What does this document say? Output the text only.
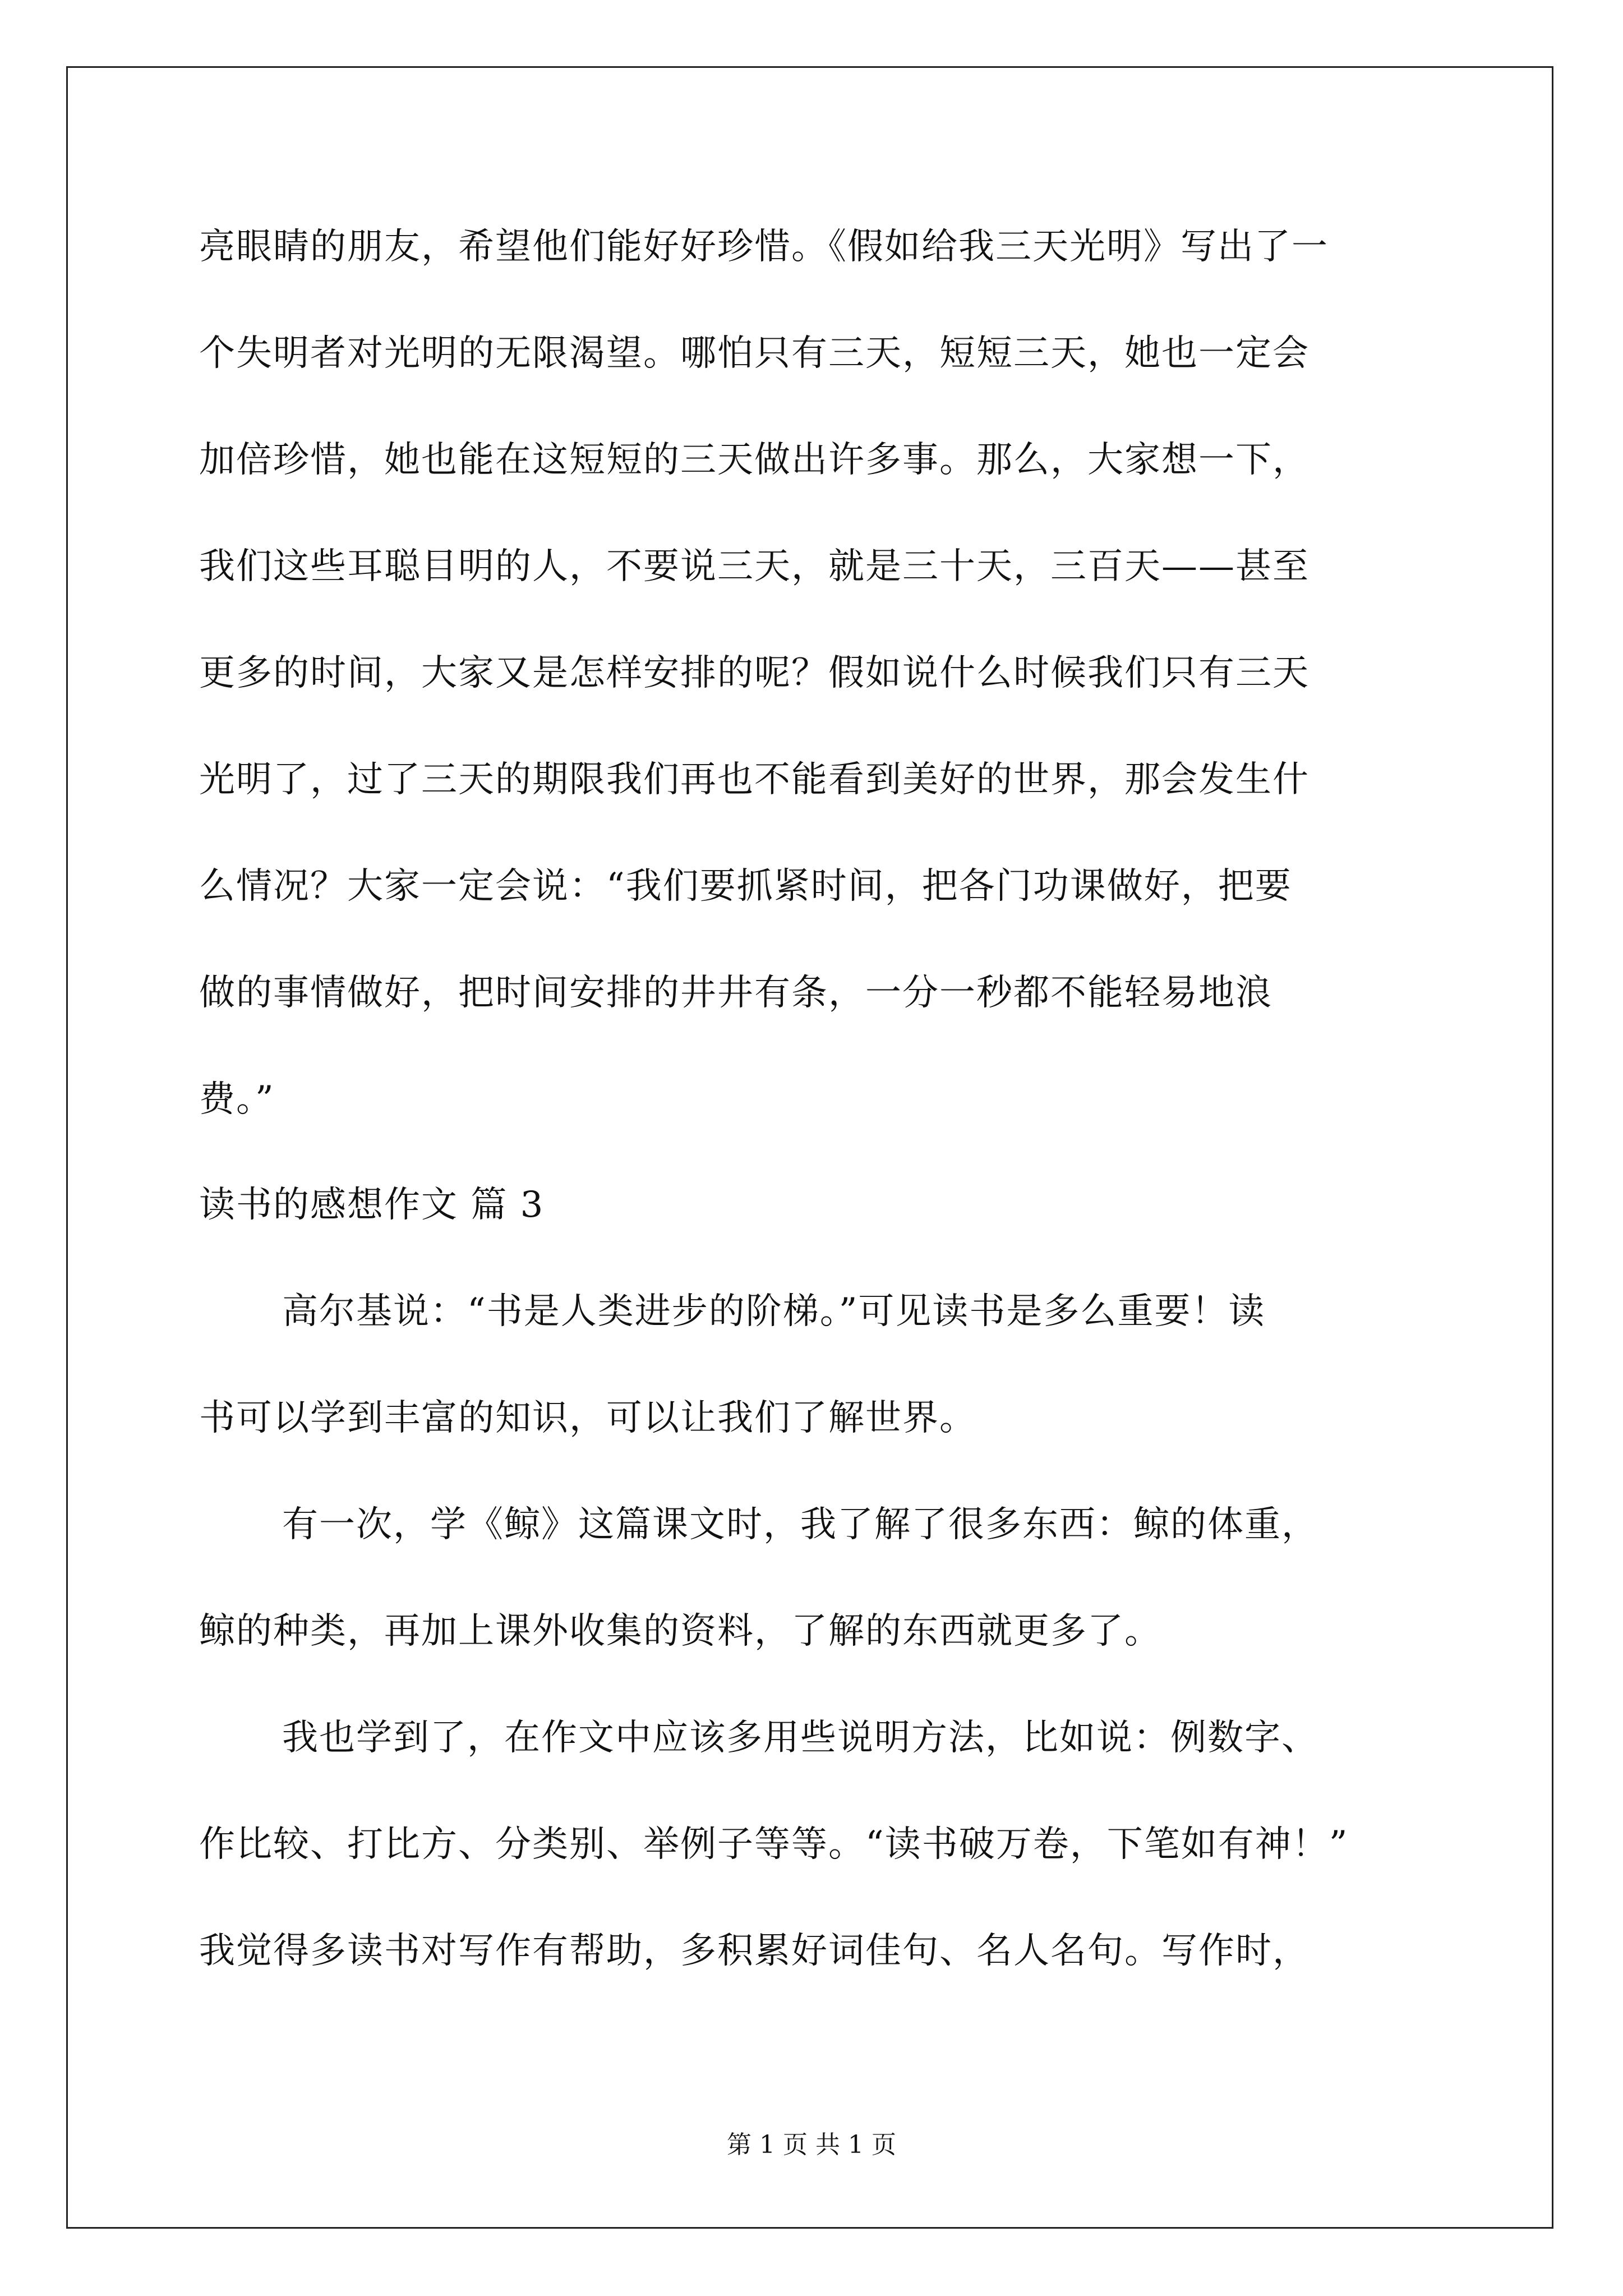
亮眼睛的朋友，希望他们能好好珍惜。《假如给我三天光明》写出了一
个失明者对光明的无限渴望。哪怕只有三天，短短三天，她也一定会
加倍珍惜，她也能在这短短的三天做出许多事。那么，大家想一下，
我们这些耳聪目明的人，不要说三天，就是三十天，三百天——甚至
更多的时间，大家又是怎样安排的呢？假如说什么时候我们只有三天
光明了，过了三天的期限我们再也不能看到美好的世界，那会发生什
么情况？大家一定会说：“我们要抓紧时间，把各门功课做好，把要
做的事情做好，把时间安排的井井有条，一分一秒都不能轻易地浪
费。”
读书的感想作文 篇 3
高尔基说：“书是人类进步的阶梯。”可见读书是多么重要！读
书可以学到丰富的知识，可以让我们了解世界。
有一次，学《鲸》这篇课文时，我了解了很多东西：鲸的体重，
鲸的种类，再加上课外收集的资料，了解的东西就更多了。
我也学到了，在作文中应该多用些说明方法，比如说：例数字、
作比较、打比方、分类别、举例子等等。“读书破万卷，下笔如有神！”
我觉得多读书对写作有帮助，多积累好词佳句、名人名句。写作时，
第 1 页 共 1 页
